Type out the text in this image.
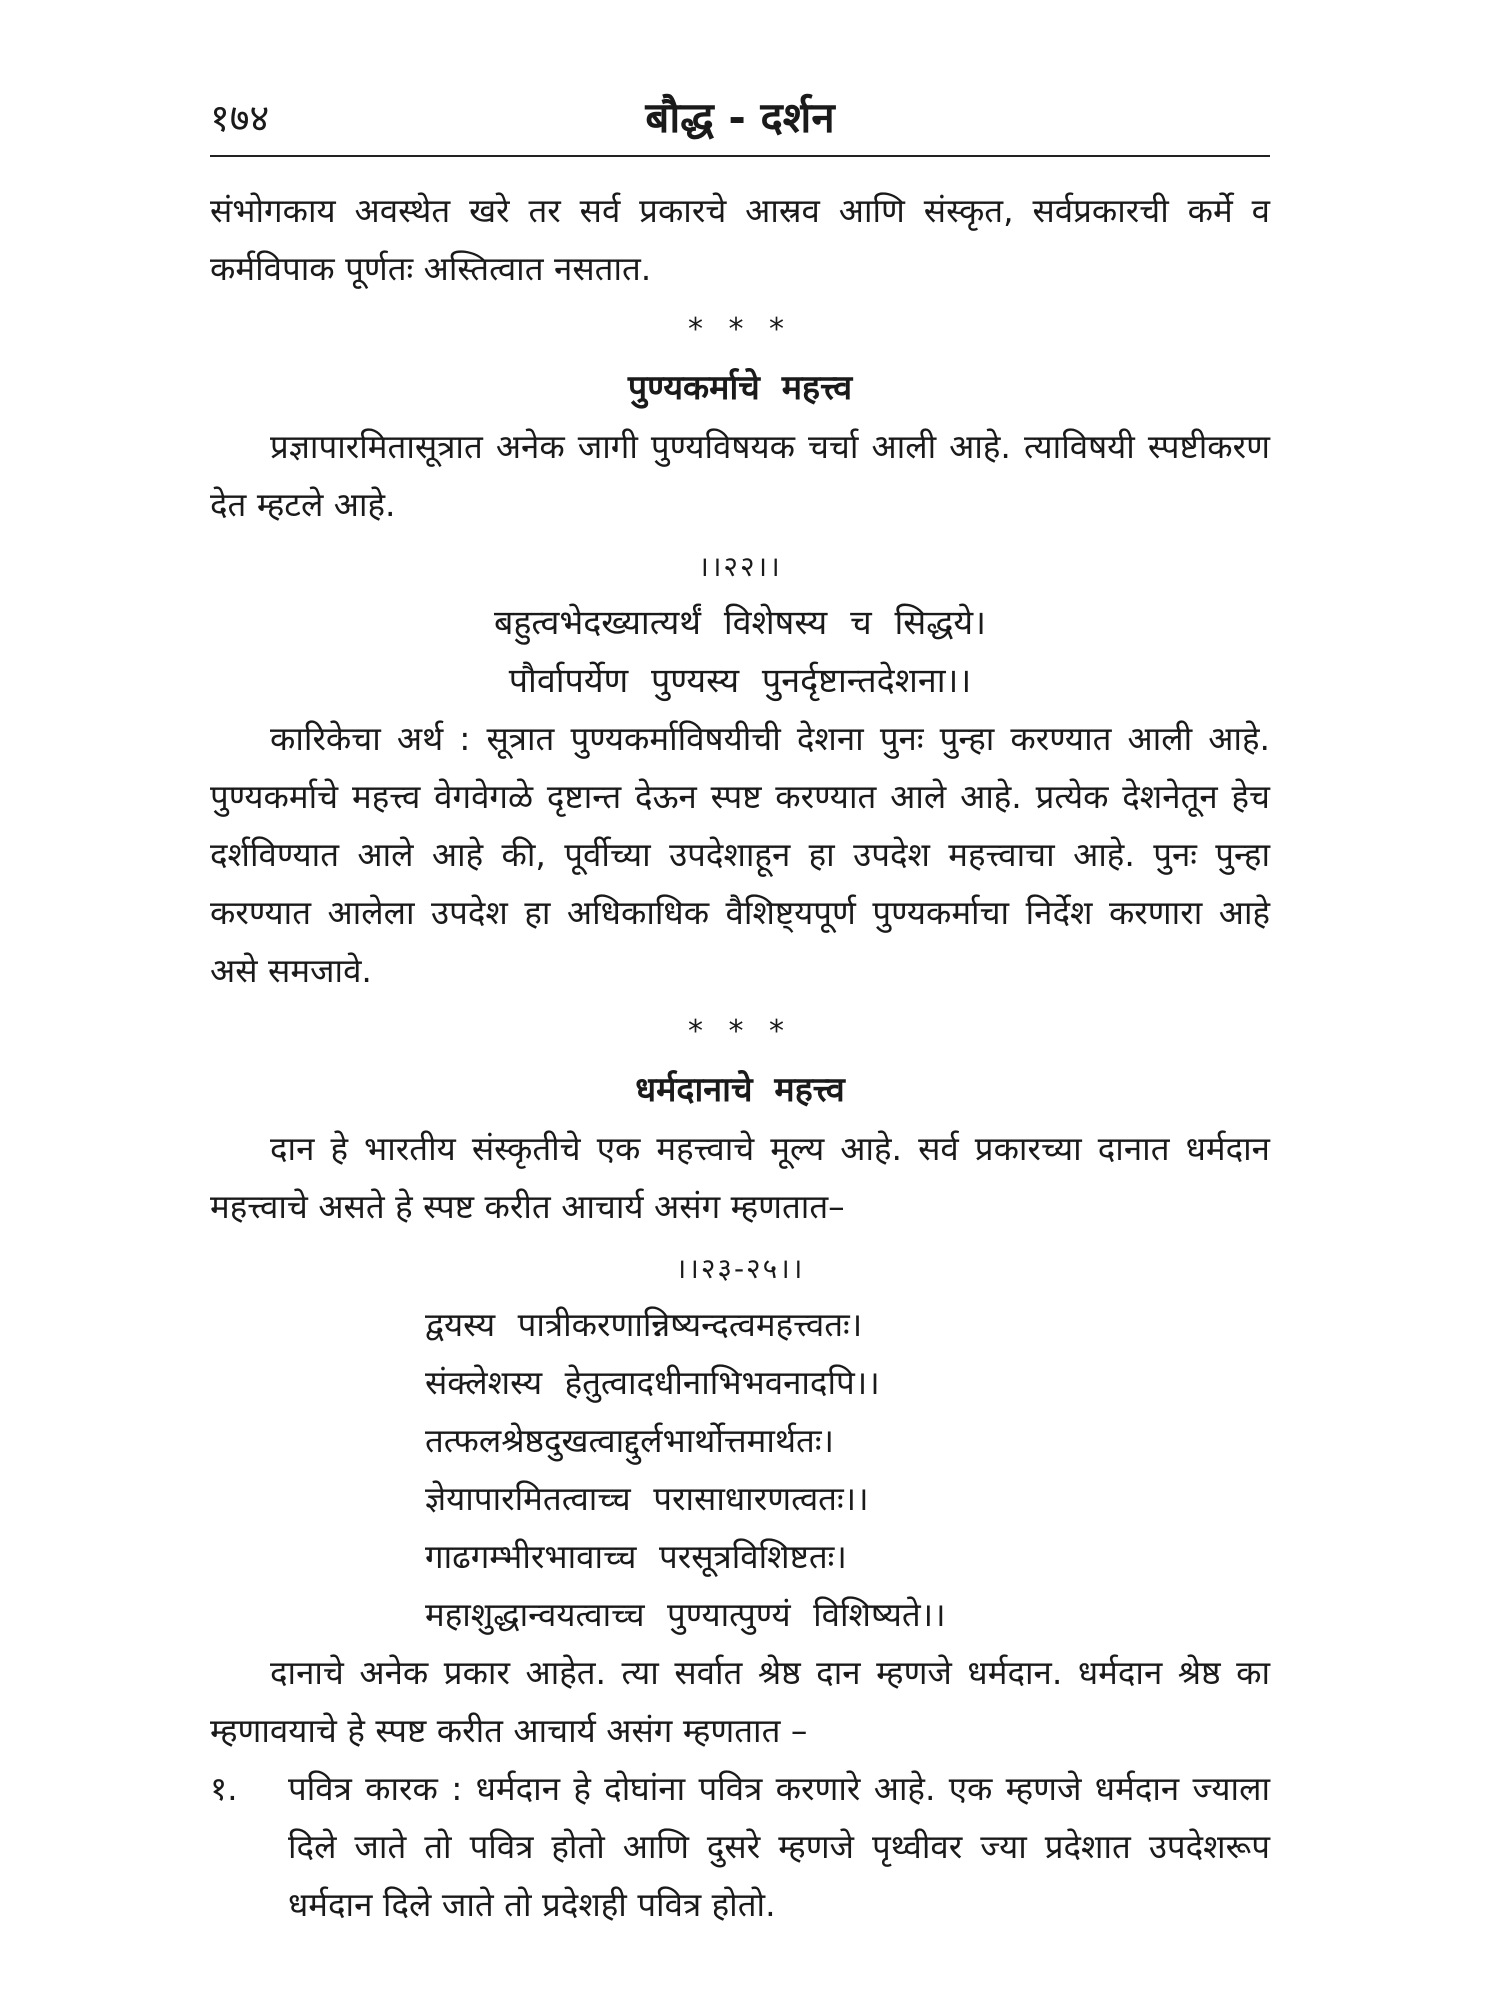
१७४	बौद्ध - दर्शन

संभोगकाय अवस्थेत खरे तर सर्व प्रकारचे आस्रव आणि संस्कृत, सर्वप्रकारची कर्मे व कर्मविपाक पूर्णतः अस्तित्वात नसतात.

* * *
पुण्यकर्माचे महत्त्व

प्रज्ञापारमितासूत्रात अनेक जागी पुण्यविषयक चर्चा आली आहे. त्याविषयी स्पष्टीकरण देत म्हटले आहे.

।।२२।।

बहुत्वभेदख्यात्यर्थं विशेषस्य च सिद्धये।

पौर्वापर्येण पुण्यस्य पुनर्दृष्टान्तदेशना।।

कारिकेचा अर्थ : सूत्रात पुण्यकर्माविषयीची देशना पुनः पुन्हा करण्यात आली आहे. पुण्यकर्माचे महत्त्व वेगवेगळे दृष्टान्त देऊन स्पष्ट करण्यात आले आहे. प्रत्येक देशनेतून हेच दर्शविण्यात आले आहे की, पूर्वीच्या उपदेशाहून हा उपदेश महत्त्वाचा आहे. पुनः पुन्हा करण्यात आलेला उपदेश हा अधिकाधिक वैशिष्ट्यपूर्ण पुण्यकर्माचा निर्देश करणारा आहे असे समजावे.

* * *
धर्मदानाचे महत्त्व

दान हे भारतीय संस्कृतीचे एक महत्त्वाचे मूल्य आहे. सर्व प्रकारच्या दानात धर्मदान महत्त्वाचे असते हे स्पष्ट करीत आचार्य असंग म्हणतात–

।।२३-२५।।

द्वयस्य पात्रीकरणान्निष्यन्दत्वमहत्त्वतः।

संक्लेशस्य हेतुत्वादधीनाभिभवनादपि।।

तत्फलश्रेष्ठदुखत्वाद्दुर्लभार्थोत्तमार्थतः।

ज्ञेयापारमितत्वाच्च परासाधारणत्वतः।।

गाढगम्भीरभावाच्च परसूत्रविशिष्टतः।

महाशुद्धान्वयत्वाच्च पुण्यात्पुण्यं विशिष्यते।।

दानाचे अनेक प्रकार आहेत. त्या सर्वात श्रेष्ठ दान म्हणजे धर्मदान. धर्मदान श्रेष्ठ का म्हणावयाचे हे स्पष्ट करीत आचार्य असंग म्हणतात –

१. पवित्र कारक : धर्मदान हे दोघांना पवित्र करणारे आहे. एक म्हणजे धर्मदान ज्याला दिले जाते तो पवित्र होतो आणि दुसरे म्हणजे पृथ्वीवर ज्या प्रदेशात उपदेशरूप धर्मदान दिले जाते तो प्रदेशही पवित्र होतो.
